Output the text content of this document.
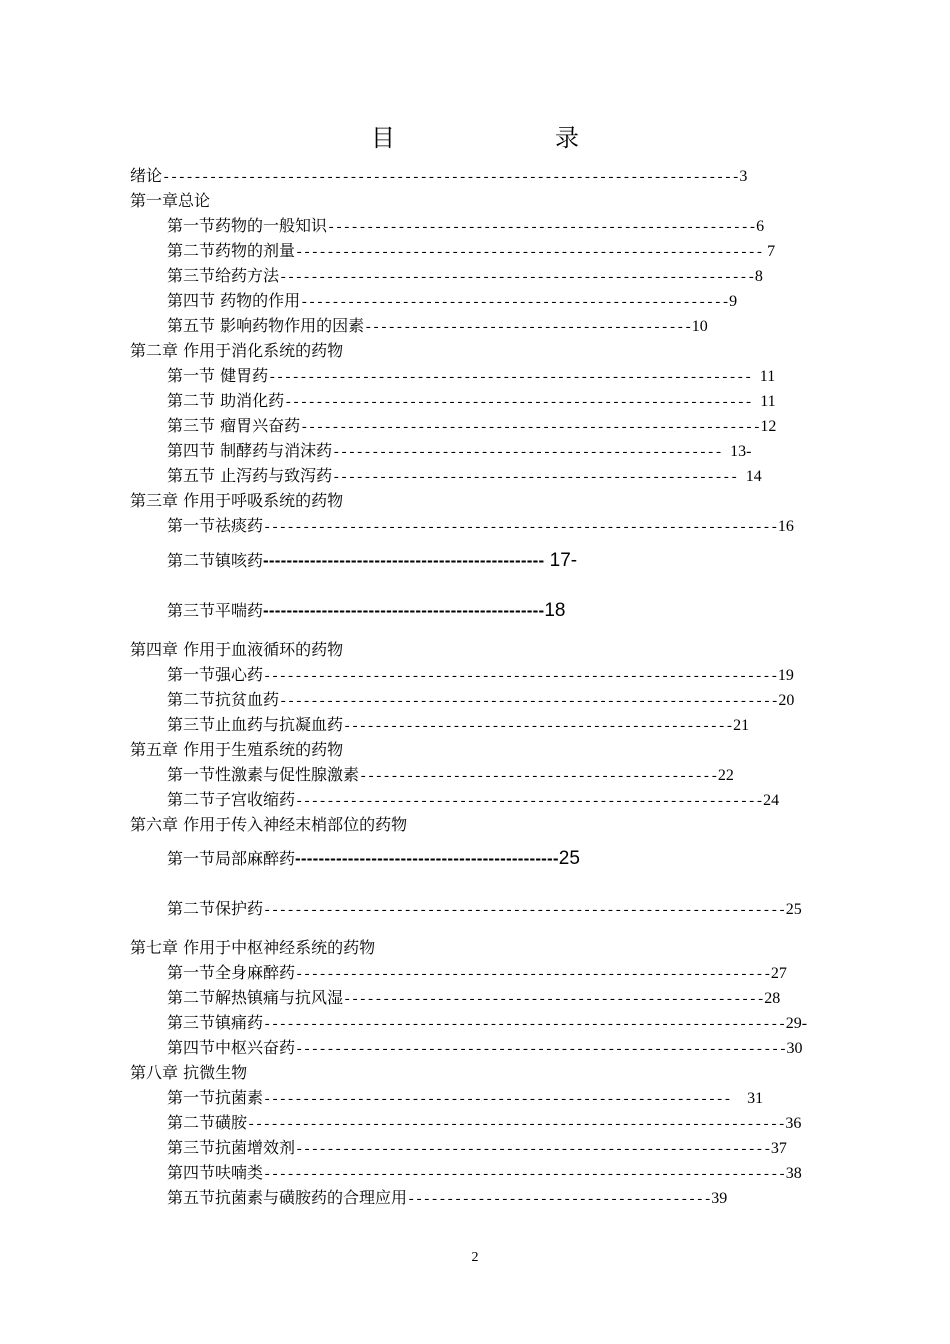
目　录
绪论--------------------------------------------------------------------------3
第一章总论
第一节药物的一般知识-------------------------------------------------------6
第二节药物的剂量------------------------------------------------------------ 7
第三节给药方法-------------------------------------------------------------8
第四节 药物的作用-------------------------------------------------------9
第五节 影响药物作用的因素------------------------------------------10
第二章 作用于消化系统的药物
第一节 健胃药--------------------------------------------------------------  11
第二节 助消化药------------------------------------------------------------  11
第三节 瘤胃兴奋药-----------------------------------------------------------12
第四节 制酵药与消沫药--------------------------------------------------  13-
第五节 止泻药与致泻药----------------------------------------------------  14
第三章 作用于呼吸系统的药物
第一节祛痰药------------------------------------------------------------------16
第二节镇咳药------------------------------------------------ 17-
第三节平喘药------------------------------------------------18
第四章 作用于血液循环的药物
第一节强心药------------------------------------------------------------------19
第二节抗贫血药----------------------------------------------------------------20
第三节止血药与抗凝血药--------------------------------------------------21
第五章 作用于生殖系统的药物
第一节性激素与促性腺激素----------------------------------------------22
第二节子宫收缩药------------------------------------------------------------24
第六章 作用于传入神经末梢部位的药物
第一节局部麻醉药---------------------------------------------25
第二节保护药-------------------------------------------------------------------25
第七章 作用于中枢神经系统的药物
第一节全身麻醉药-------------------------------------------------------------27
第二节解热镇痛与抗风湿------------------------------------------------------28
第三节镇痛药-------------------------------------------------------------------29-
第四节中枢兴奋药---------------------------------------------------------------30
第八章 抗微生物
第一节抗菌素------------------------------------------------------------    31
第二节磺胺---------------------------------------------------------------------36
第三节抗菌增效剂-------------------------------------------------------------37
第四节呋喃类-------------------------------------------------------------------38
第五节抗菌素与磺胺药的合理应用---------------------------------------39
2
